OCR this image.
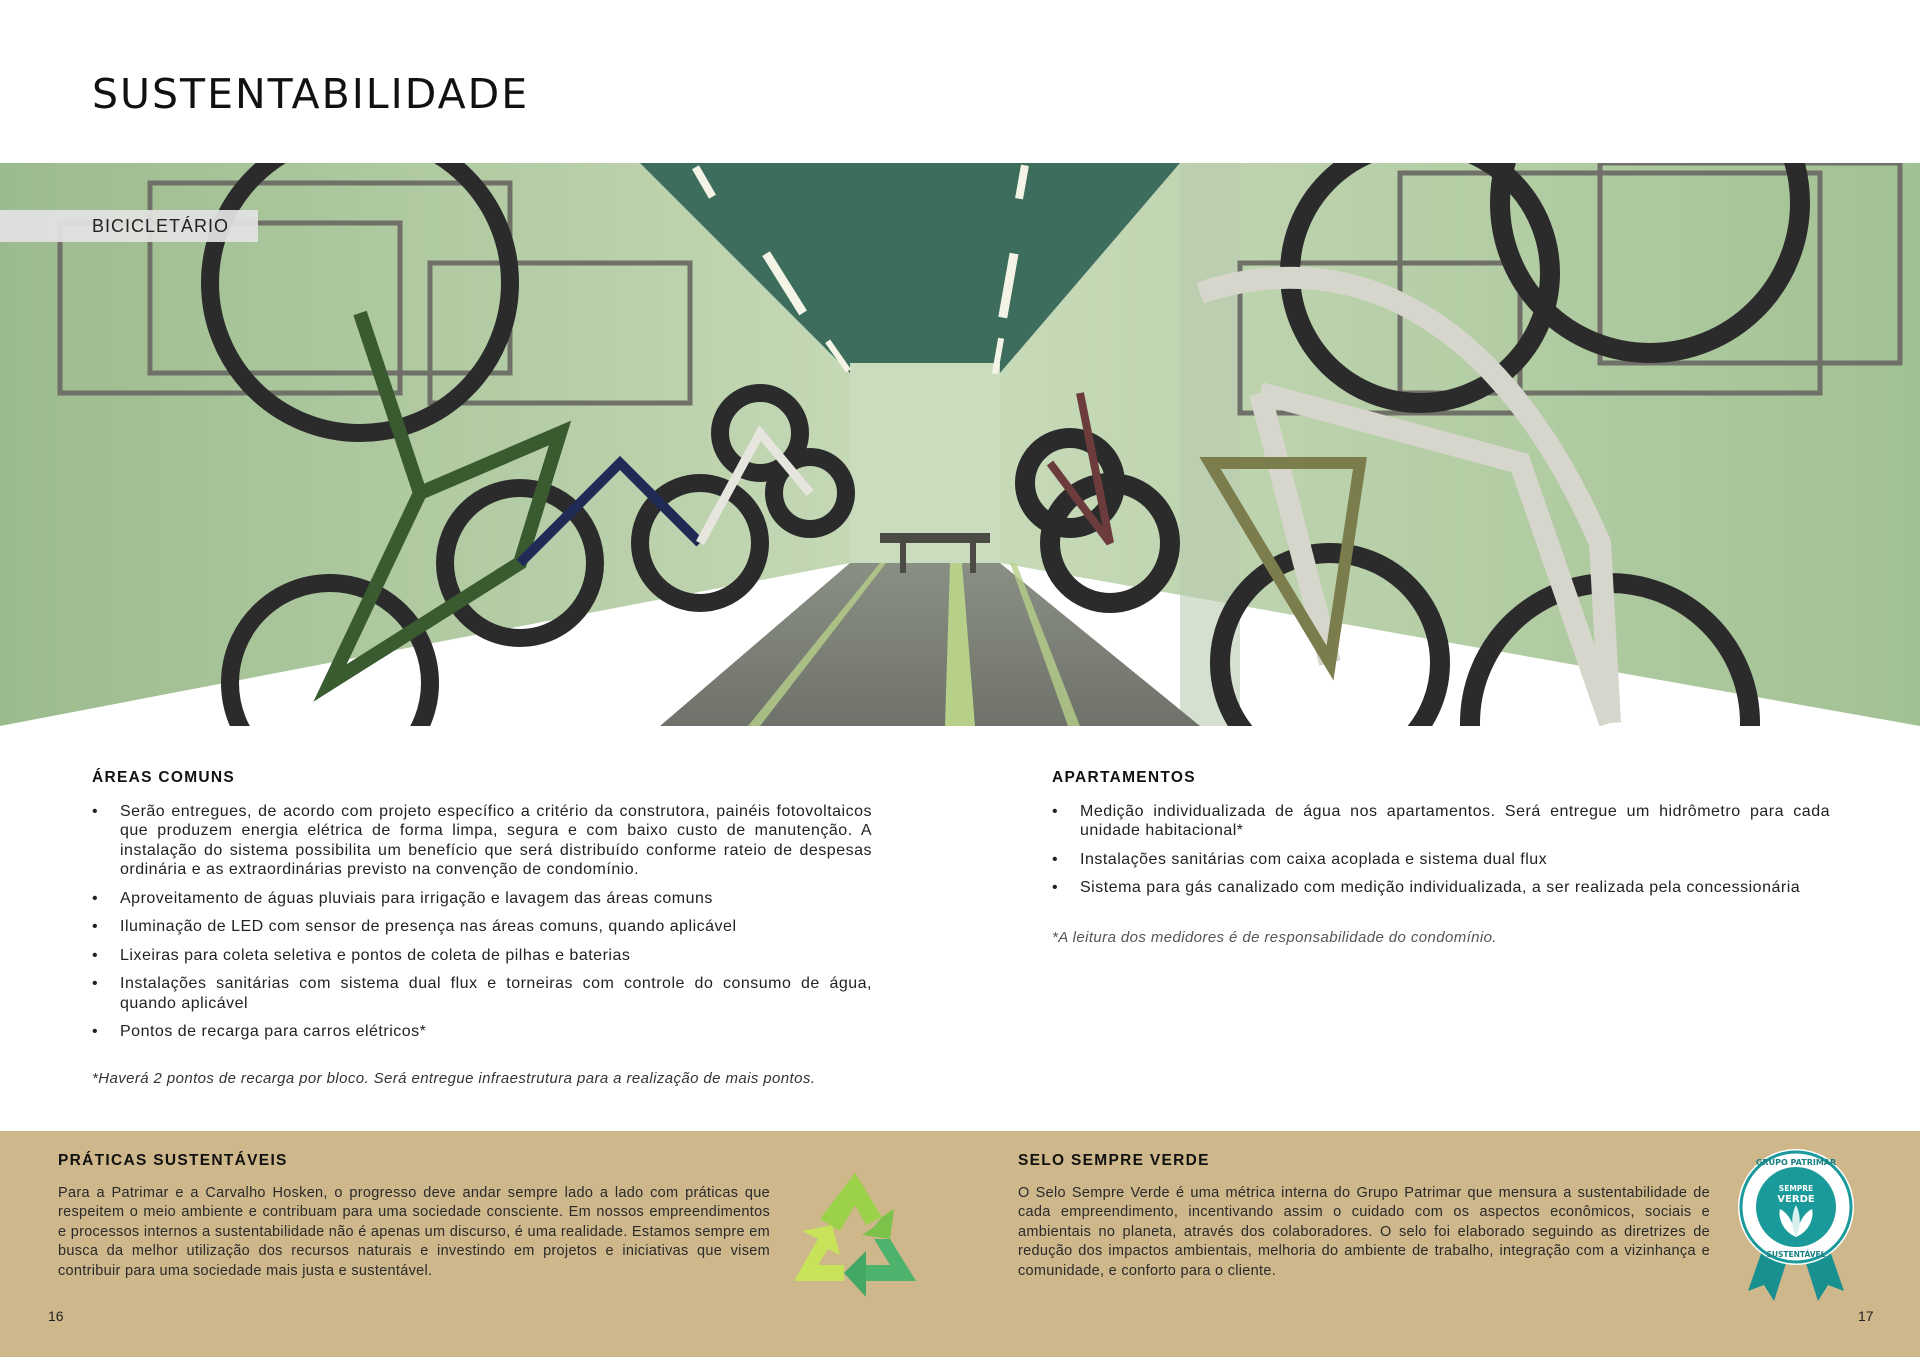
SUSTENTABILIDADE
BICICLETÁRIO
ÁREAS COMUNS
• Serão entregues, de acordo com projeto específico a critério da construtora, painéis fotovoltaicos que produzem energia elétrica de forma limpa, segura e com baixo custo de manutenção. A instalação do sistema possibilita um benefício que será distribuído conforme rateio de despesas ordinária e as extraordinárias previsto na convenção de condomínio.
• Aproveitamento de águas pluviais para irrigação e lavagem das áreas comuns
• Iluminação de LED com sensor de presença nas áreas comuns, quando aplicável
• Lixeiras para coleta seletiva e pontos de coleta de pilhas e baterias
• Instalações sanitárias com sistema dual flux e torneiras com controle do consumo de água, quando aplicável
• Pontos de recarga para carros elétricos*
*Haverá 2 pontos de recarga por bloco. Será entregue infraestrutura para a realização de mais pontos.
APARTAMENTOS
• Medição individualizada de água nos apartamentos. Será entregue um hidrômetro para cada unidade habitacional*
• Instalações sanitárias com caixa acoplada e sistema dual flux
• Sistema para gás canalizado com medição individualizada, a ser realizada pela concessionária
*A leitura dos medidores é de responsabilidade do condomínio.
PRÁTICAS SUSTENTÁVEIS
Para a Patrimar e a Carvalho Hosken, o progresso deve andar sempre lado a lado com práticas que respeitem o meio ambiente e contribuam para uma sociedade consciente. Em nossos empreendimentos e processos internos a sustentabilidade não é apenas um discurso, é uma realidade. Estamos sempre em busca da melhor utilização dos recursos naturais e investindo em projetos e iniciativas que visem contribuir para uma sociedade mais justa e sustentável.
SELO SEMPRE VERDE
O Selo Sempre Verde é uma métrica interna do Grupo Patrimar que mensura a sustentabilidade de cada empreendimento, incentivando assim o cuidado com os aspectos econômicos, sociais e ambientais no planeta, através dos colaboradores. O selo foi elaborado seguindo as diretrizes de redução dos impactos ambientais, melhoria do ambiente de trabalho, integração com a vizinhança e comunidade, e conforto para o cliente.
GRUPO PATRIMAR
SEMPRE
VERDE
SUSTENTÁVEL
16	17
